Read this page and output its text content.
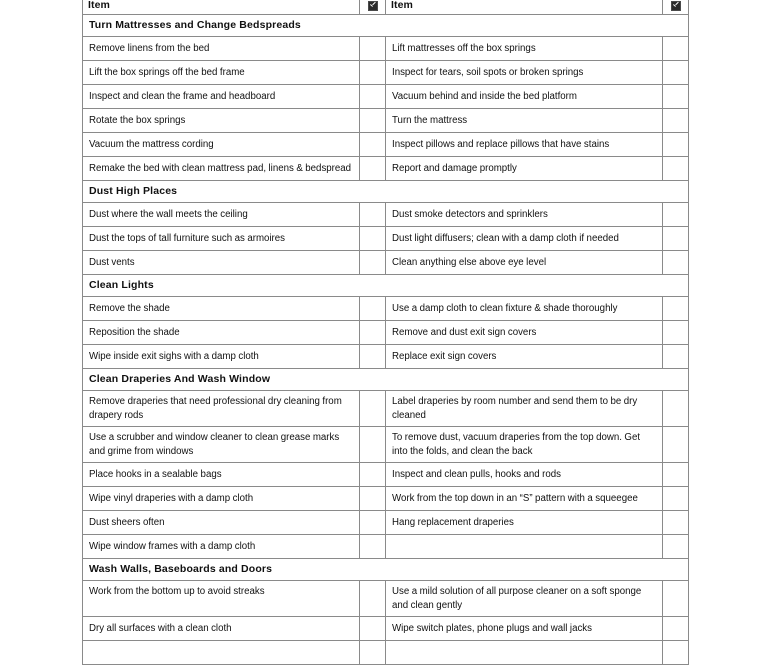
Item		Item	

Turn Mattresses and Change Bedspreads			

Remove linens from the bed		Lift mattresses off the box springs	

Lift the box springs off the bed frame		Inspect for tears, soil spots or broken springs	

Inspect and clean the frame and headboard		Vacuum behind and inside the bed platform	

Rotate the box springs		Turn the mattress	

Vacuum the mattress cording		Inspect pillows and replace pillows that have stains	

Remake the bed with clean mattress pad, linens & bedspread		Report and damage promptly	

Dust High Places			

Dust where the wall meets the ceiling		Dust smoke detectors and sprinklers	

Dust the tops of tall furniture such as armoires		Dust light diffusers; clean with a damp cloth if needed	

Dust vents		Clean anything else above eye level	

Clean Lights			

Remove the shade		Use a damp cloth to clean fixture & shade thoroughly	

Reposition the shade		Remove and dust exit sign covers	

Wipe inside exit sighs with a damp cloth		Replace exit sign covers	

Clean Draperies And Wash Window			

Remove draperies that need professional dry cleaning from drapery rods		Label draperies by room number and send them to be dry cleaned	

Use a scrubber and window cleaner to clean grease marks and grime from windows		To remove dust, vacuum draperies from the top down. Get into the folds, and clean the back	

Place hooks in a sealable bags		Inspect and clean pulls, hooks and rods	

Wipe vinyl draperies with a damp cloth		Work from the top down in an “S” pattern with a squeegee	

Dust sheers often		Hang replacement draperies	

Wipe window frames with a damp cloth			

Wash Walls, Baseboards and Doors			

Work from the bottom up to avoid streaks		Use a mild solution of all purpose cleaner on a soft sponge and clean gently	

Dry all surfaces with a clean cloth		Wipe switch plates, phone plugs and wall jacks	
